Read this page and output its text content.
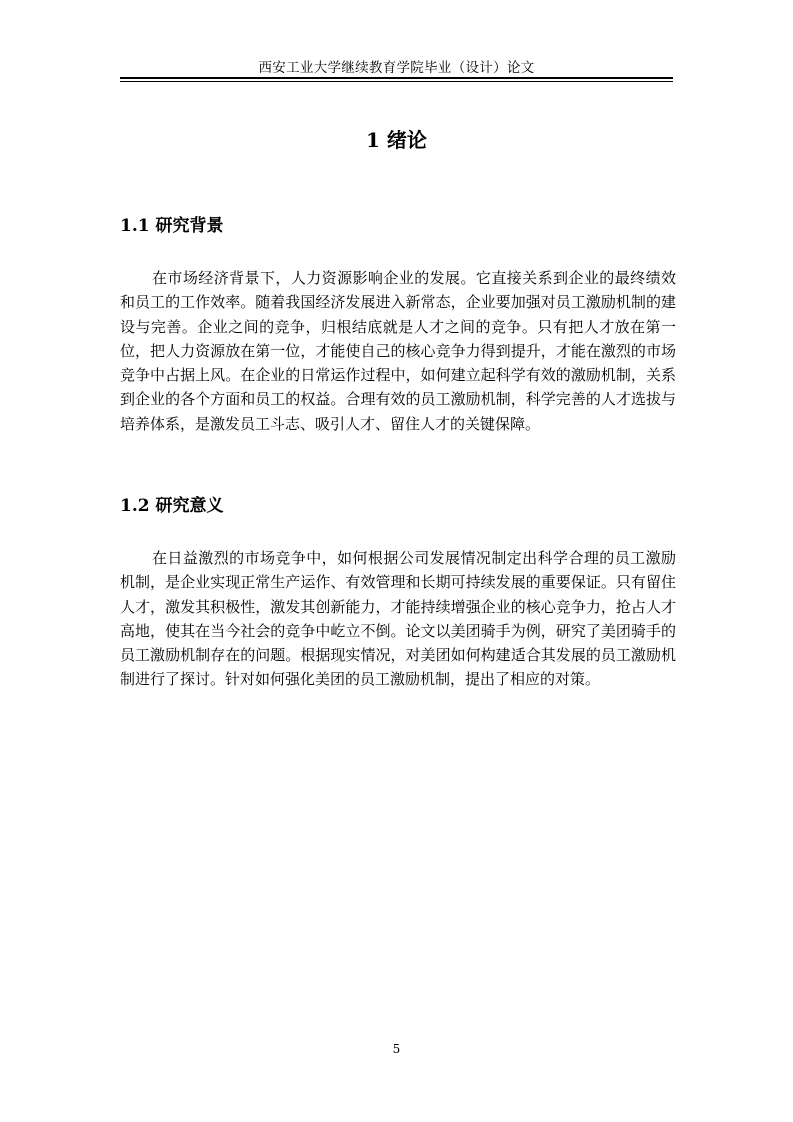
西安工业大学继续教育学院毕业（设计）论文
1 绪论
1.1 研究背景

在市场经济背景下，人力资源影响企业的发展。它直接关系到企业的最终绩效和员工的工作效率。随着我国经济发展进入新常态，企业要加强对员工激励机制的建设与完善。企业之间的竞争，归根结底就是人才之间的竞争。只有把人才放在第一位，把人力资源放在第一位，才能使自己的核心竞争力得到提升，才能在激烈的市场竞争中占据上风。在企业的日常运作过程中，如何建立起科学有效的激励机制，关系到企业的各个方面和员工的权益。合理有效的员工激励机制，科学完善的人才选拔与培养体系，是激发员工斗志、吸引人才、留住人才的关键保障。

1.2 研究意义

在日益激烈的市场竞争中，如何根据公司发展情况制定出科学合理的员工激励机制，是企业实现正常生产运作、有效管理和长期可持续发展的重要保证。只有留住人才，激发其积极性，激发其创新能力，才能持续增强企业的核心竞争力，抢占人才高地，使其在当今社会的竞争中屹立不倒。论文以美团骑手为例，研究了美团骑手的员工激励机制存在的问题。根据现实情况，对美团如何构建适合其发展的员工激励机制进行了探讨。针对如何强化美团的员工激励机制，提出了相应的对策。

5
